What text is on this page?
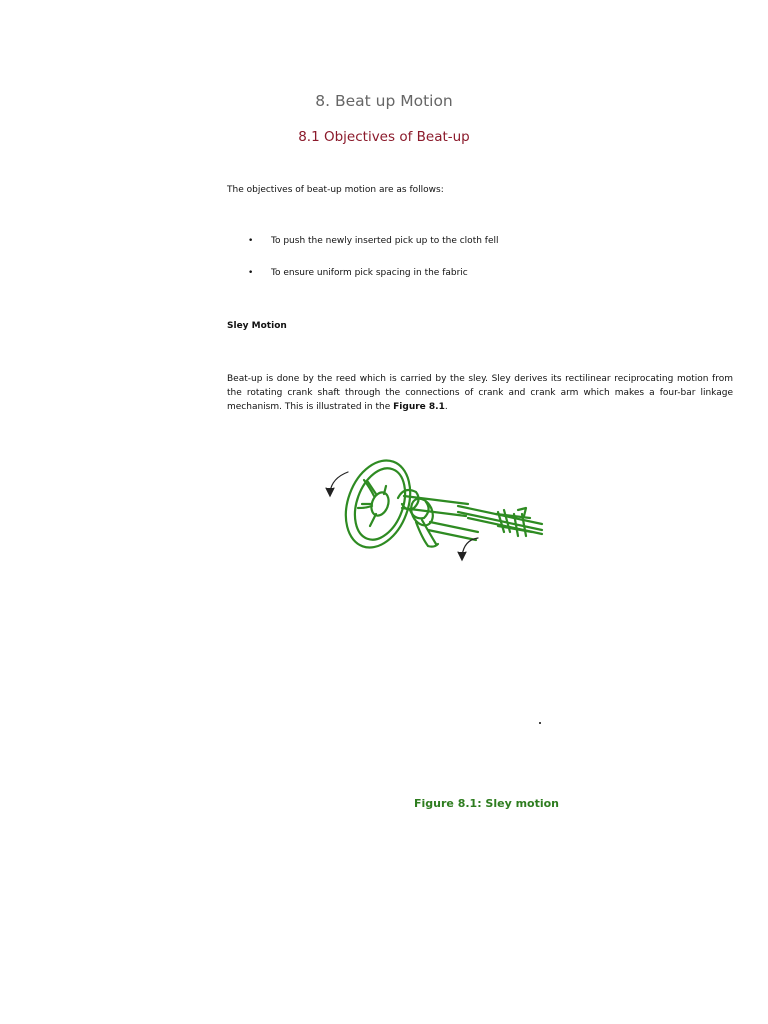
8. Beat up Motion
8.1 Objectives of Beat-up
The objectives of beat-up motion are as follows:
• To push the newly inserted pick up to the cloth fell
• To ensure uniform pick spacing in the fabric
Sley Motion
Beat-up is done by the reed which is carried by the sley. Sley derives its rectilinear reciprocating motion from the rotating crank shaft through the connections of crank and crank arm which makes a four-bar linkage mechanism. This is illustrated in the Figure 8.1.
Figure 8.1: Sley motion
